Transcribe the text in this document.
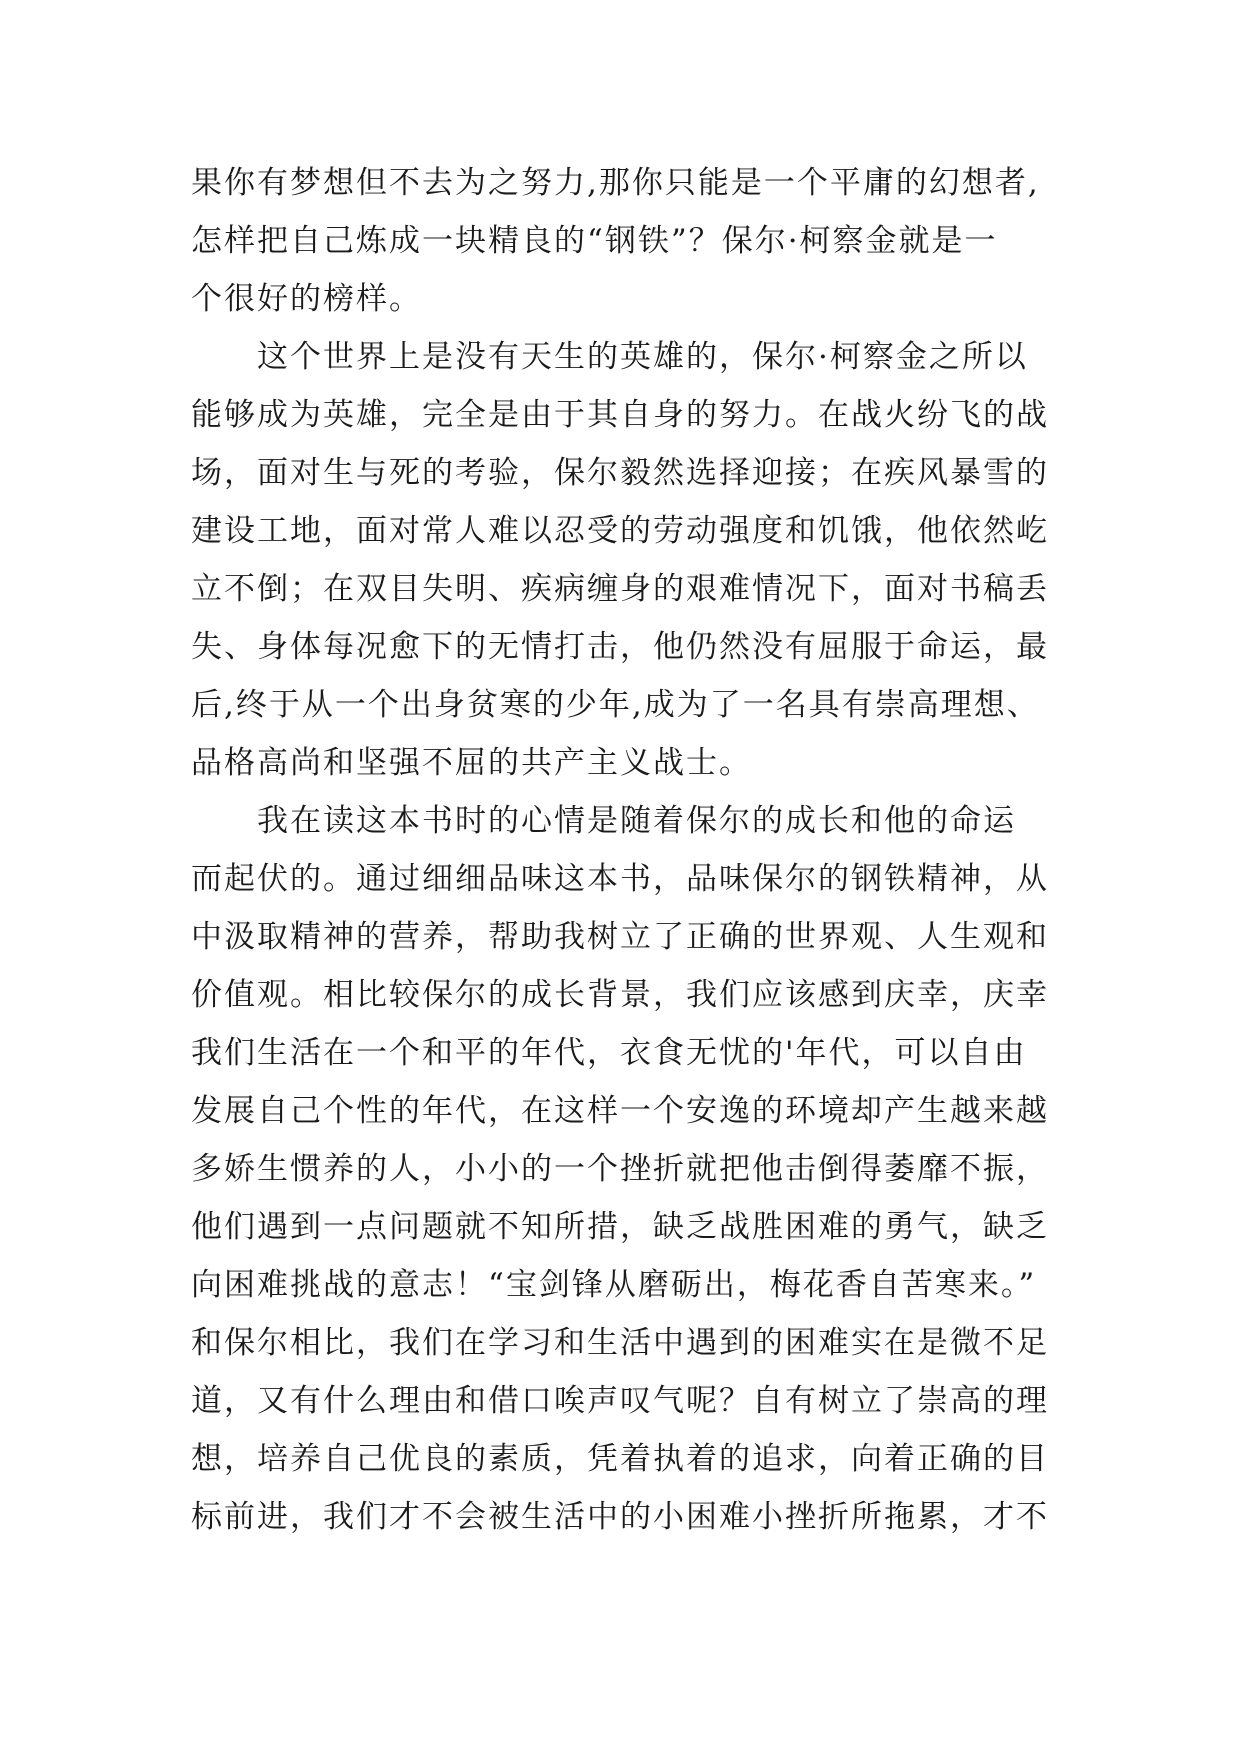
果你有梦想但不去为之努力,那你只能是一个平庸的幻想者,
怎样把自己炼成一块精良的“钢铁”？保尔·柯察金就是一
个很好的榜样。
　　这个世界上是没有天生的英雄的，保尔·柯察金之所以
能够成为英雄，完全是由于其自身的努力。在战火纷飞的战
场，面对生与死的考验，保尔毅然选择迎接；在疾风暴雪的
建设工地，面对常人难以忍受的劳动强度和饥饿，他依然屹
立不倒；在双目失明、疾病缠身的艰难情况下，面对书稿丢
失、身体每况愈下的无情打击，他仍然没有屈服于命运，最
后,终于从一个出身贫寒的少年,成为了一名具有崇高理想、
品格高尚和坚强不屈的共产主义战士。
　　我在读这本书时的心情是随着保尔的成长和他的命运
而起伏的。通过细细品味这本书，品味保尔的钢铁精神，从
中汲取精神的营养，帮助我树立了正确的世界观、人生观和
价值观。相比较保尔的成长背景，我们应该感到庆幸，庆幸
我们生活在一个和平的年代，衣食无忧的'年代，可以自由
发展自己个性的年代，在这样一个安逸的环境却产生越来越
多娇生惯养的人，小小的一个挫折就把他击倒得萎靡不振，
他们遇到一点问题就不知所措，缺乏战胜困难的勇气，缺乏
向困难挑战的意志！“宝剑锋从磨砺出，梅花香自苦寒来。”
和保尔相比，我们在学习和生活中遇到的困难实在是微不足
道，又有什么理由和借口唉声叹气呢？自有树立了崇高的理
想，培养自己优良的素质，凭着执着的追求，向着正确的目
标前进，我们才不会被生活中的小困难小挫折所拖累，才不
